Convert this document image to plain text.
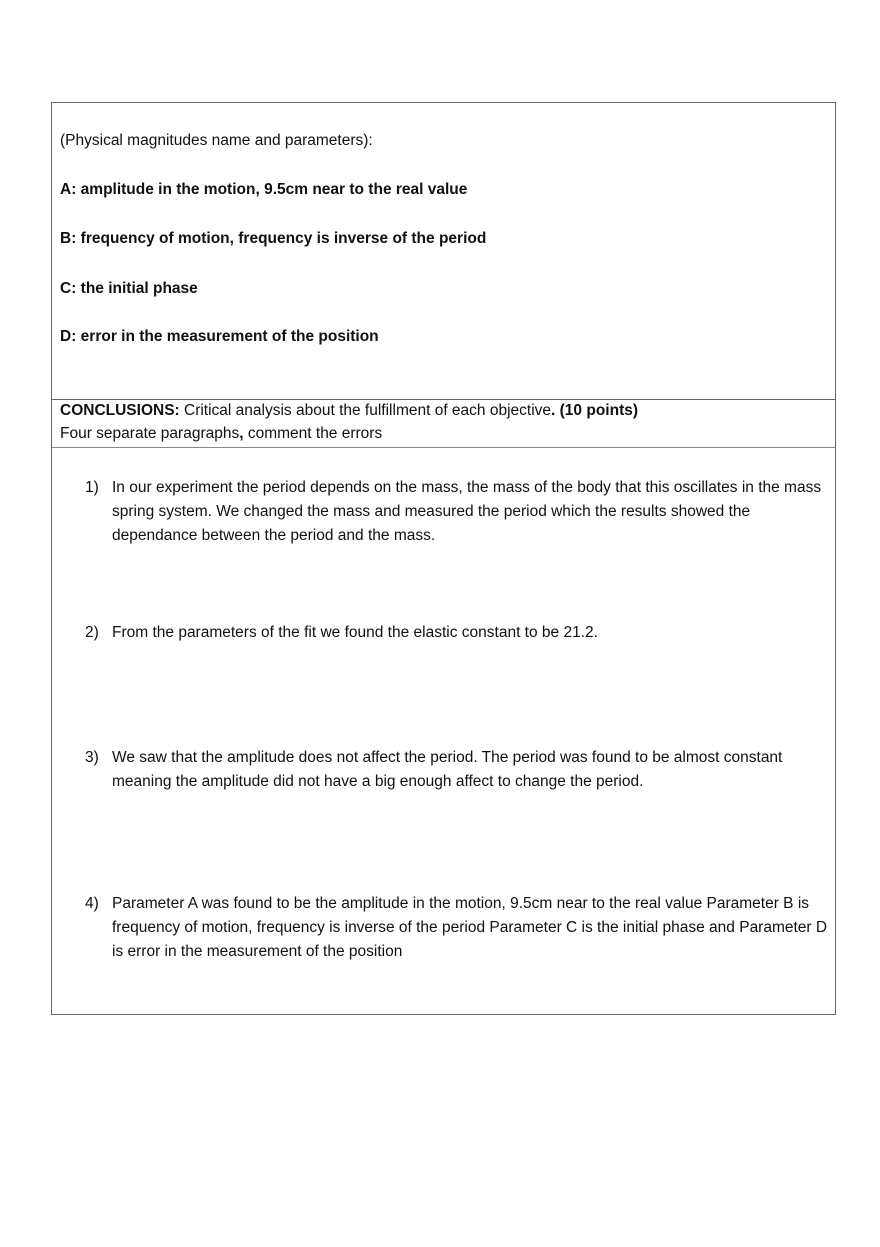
(Physical magnitudes name and parameters):

A: amplitude in the motion, 9.5cm near to the real value

B: frequency of motion, frequency is inverse of the period

C: the initial phase

D: error in the measurement of the position

CONCLUSIONS: Critical analysis about the fulfillment of each objective. (10 points)

Four separate paragraphs, comment the errors

1) In our experiment the period depends on the mass, the mass of the body that this oscillates in the mass spring system. We changed the mass and measured the period which the results showed the dependance between the period and the mass.
2) From the parameters of the fit we found the elastic constant to be 21.2.
3) We saw that the amplitude does not affect the period. The period was found to be almost constant meaning the amplitude did not have a big enough affect to change the period.
4) Parameter A was found to be the amplitude in the motion, 9.5cm near to the real value Parameter B is frequency of motion, frequency is inverse of the period Parameter C is the initial phase and Parameter D is error in the measurement of the position
